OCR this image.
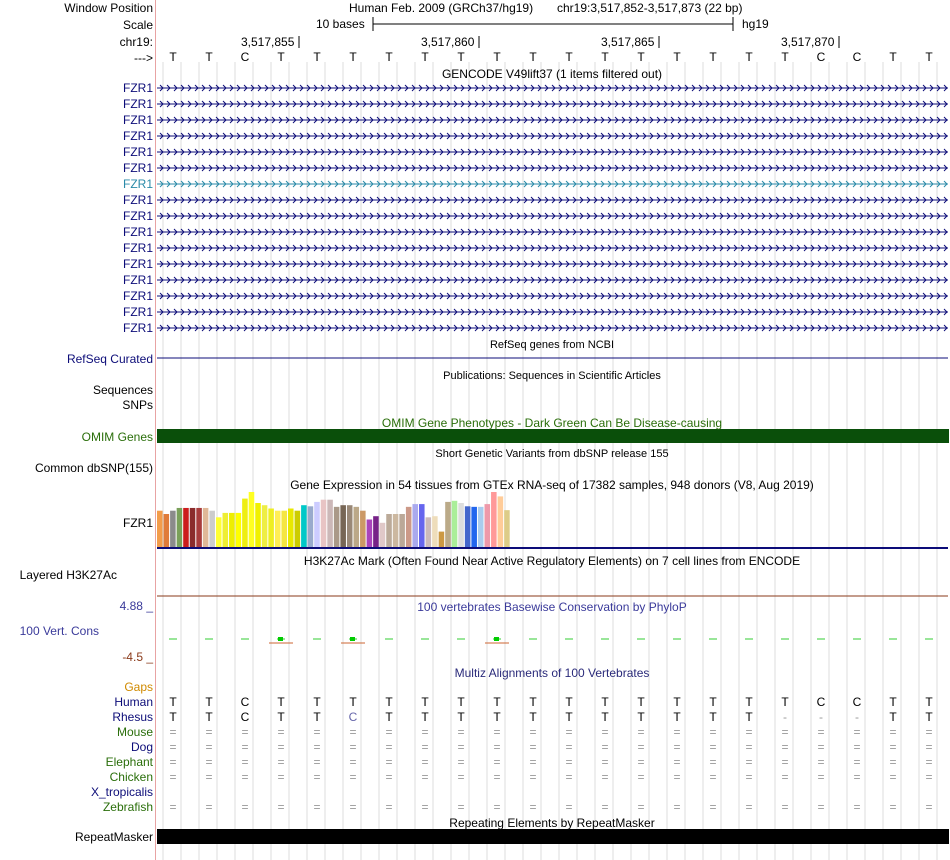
Window Position
Scale
chr19:
--->
Human Feb. 2009 (GRCh37/hg19) chr19:3,517,852-3,517,873 (22 bp)
10 bases	hg19
3,517,855	3,517,860	3,517,865	3,517,870
T	T	C	T	T	T	T	T	T	T	T	T	T	T	T	T	T	T	C	C	T	T
GENCODE V49lift37 (1 items filtered out)
FZR1
FZR1
FZR1
FZR1
FZR1
FZR1
FZR1
FZR1
FZR1
FZR1
FZR1
FZR1
FZR1
FZR1
FZR1
FZR1
RefSeq Curated
RefSeq genes from NCBI
Publications: Sequences in Scientific Articles
Sequences
SNPs
OMIM Gene Phenotypes - Dark Green Can Be Disease-causing
OMIM Genes
Short Genetic Variants from dbSNP release 155
Common dbSNP(155)
Gene Expression in 54 tissues from GTEx RNA-seq of 17382 samples, 948 donors (V8, Aug 2019)
FZR1
H3K27Ac Mark (Often Found Near Active Regulatory Elements) on 7 cell lines from ENCODE
Layered H3K27Ac
100 vertebrates Basewise Conservation by PhyloP
4.88 _
100 Vert. Cons
-4.5 _
Multiz Alignments of 100 Vertebrates
Gaps
Human	T	T	C	T	T	T	T	T	T	T	T	T	T	T	T	T	T	T	C	C	T	T
Rhesus	T	T	C	T	T	C	T	T	T	T	T	T	T	T	T	T	T	-	-	-	T	T
Mouse	=	=	=	=	=	=	=	=	=	=	=	=	=	=	=	=	=	=	=	=	=	=
Dog	=	=	=	=	=	=	=	=	=	=	=	=	=	=	=	=	=	=	=	=	=	=
Elephant	=	=	=	=	=	=	=	=	=	=	=	=	=	=	=	=	=	=	=	=	=	=
Chicken	=	=	=	=	=	=	=	=	=	=	=	=	=	=	=	=	=	=	=	=	=	=
X_tropicalis
Zebrafish	=	=	=	=	=	=	=	=	=	=	=	=	=	=	=	=	=	=	=	=	=	=
Repeating Elements by RepeatMasker
RepeatMasker
